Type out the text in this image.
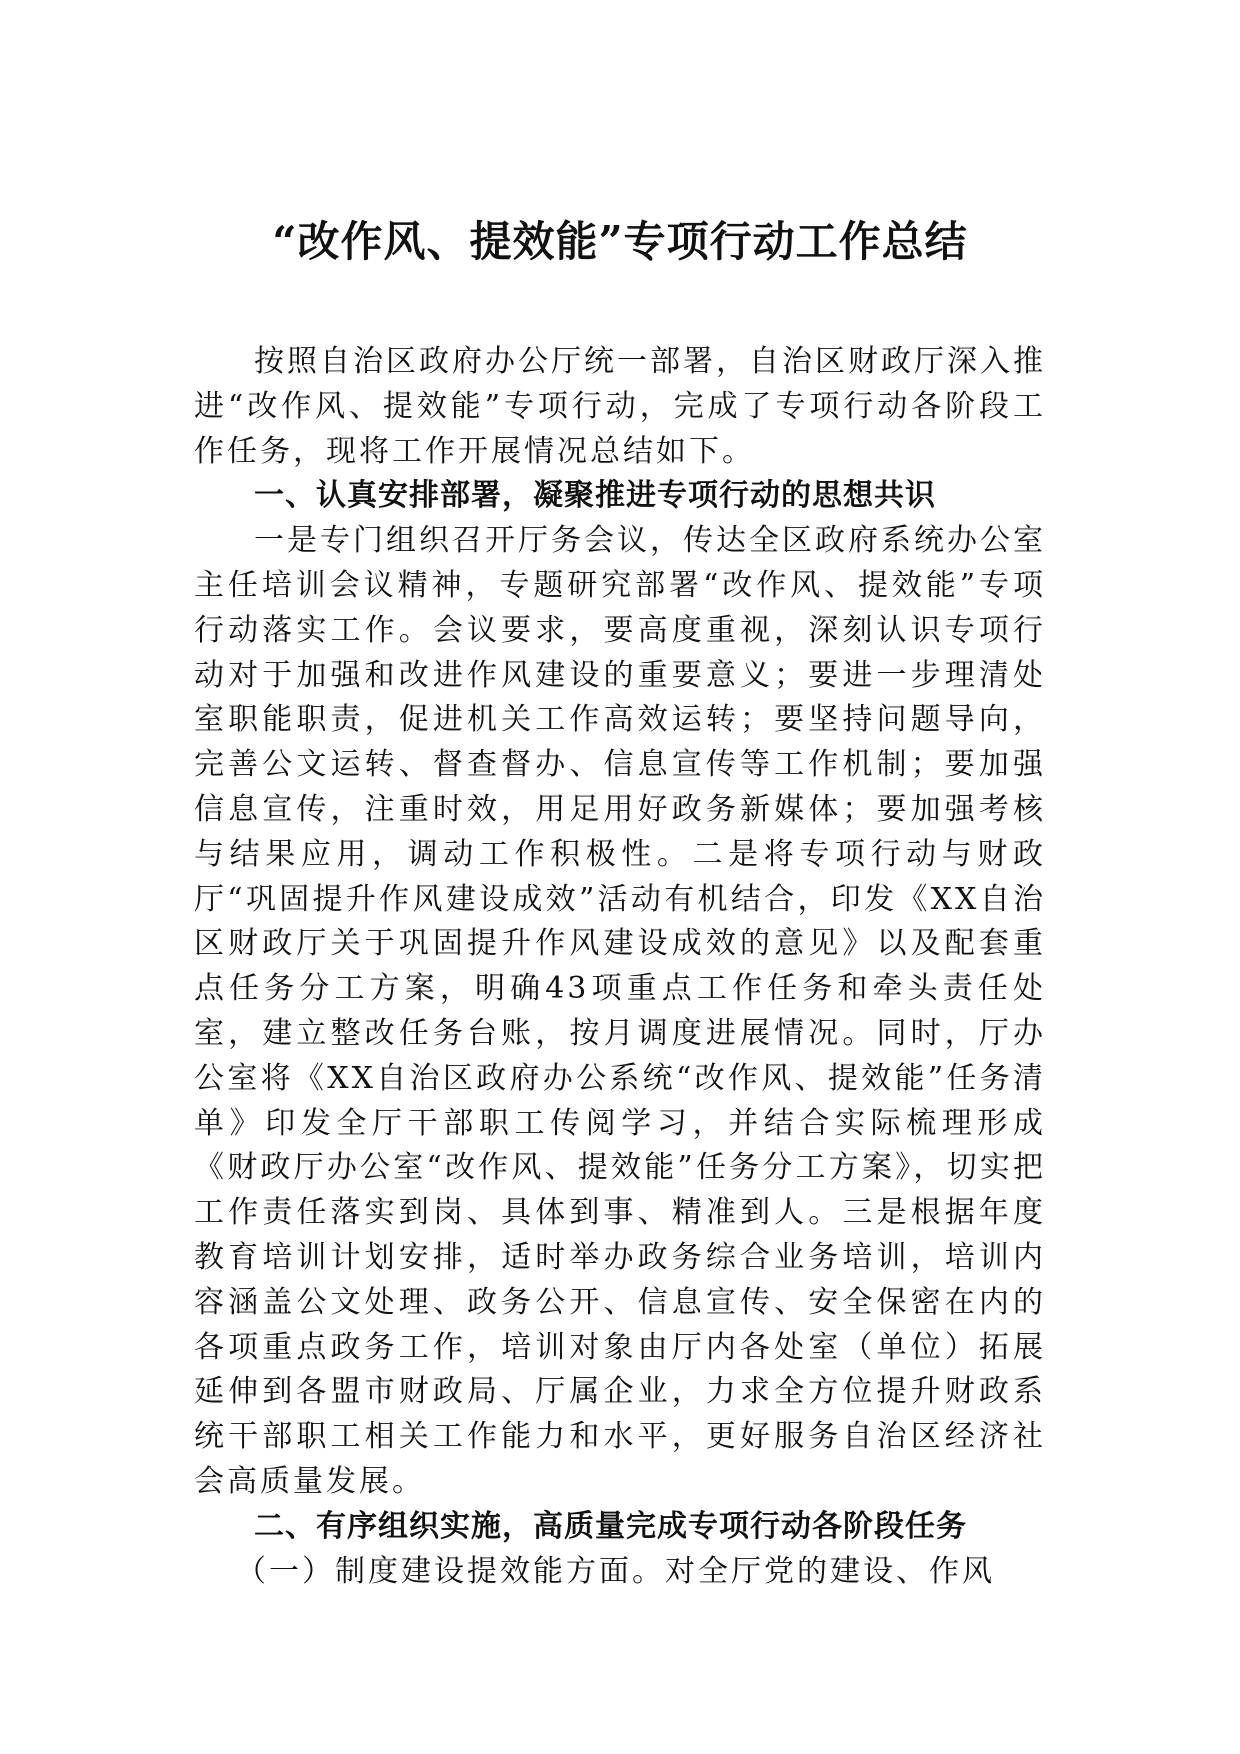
“改作风、提效能”专项行动工作总结

按照自治区政府办公厅统一部署，自治区财政厅深入推进“改作风、提效能”专项行动，完成了专项行动各阶段工作任务，现将工作开展情况总结如下。

一、认真安排部署，凝聚推进专项行动的思想共识

一是专门组织召开厅务会议，传达全区政府系统办公室主任培训会议精神，专题研究部署“改作风、提效能”专项行动落实工作。会议要求，要高度重视，深刻认识专项行动对于加强和改进作风建设的重要意义；要进一步理清处室职能职责，促进机关工作高效运转；要坚持问题导向，完善公文运转、督查督办、信息宣传等工作机制；要加强信息宣传，注重时效，用足用好政务新媒体；要加强考核与结果应用，调动工作积极性。二是将专项行动与财政厅“巩固提升作风建设成效”活动有机结合，印发《XX自治区财政厅关于巩固提升作风建设成效的意见》以及配套重点任务分工方案，明确43项重点工作任务和牵头责任处室，建立整改任务台账，按月调度进展情况。同时，厅办公室将《XX自治区政府办公系统“改作风、提效能”任务清单》印发全厅干部职工传阅学习，并结合实际梳理形成《财政厅办公室“改作风、提效能”任务分工方案》，切实把工作责任落实到岗、具体到事、精准到人。三是根据年度教育培训计划安排，适时举办政务综合业务培训，培训内容涵盖公文处理、政务公开、信息宣传、安全保密在内的各项重点政务工作，培训对象由厅内各处室（单位）拓展延伸到各盟市财政局、厅属企业，力求全方位提升财政系统干部职工相关工作能力和水平，更好服务自治区经济社会高质量发展。

二、有序组织实施，高质量完成专项行动各阶段任务

（一）制度建设提效能方面。对全厅党的建设、作风
